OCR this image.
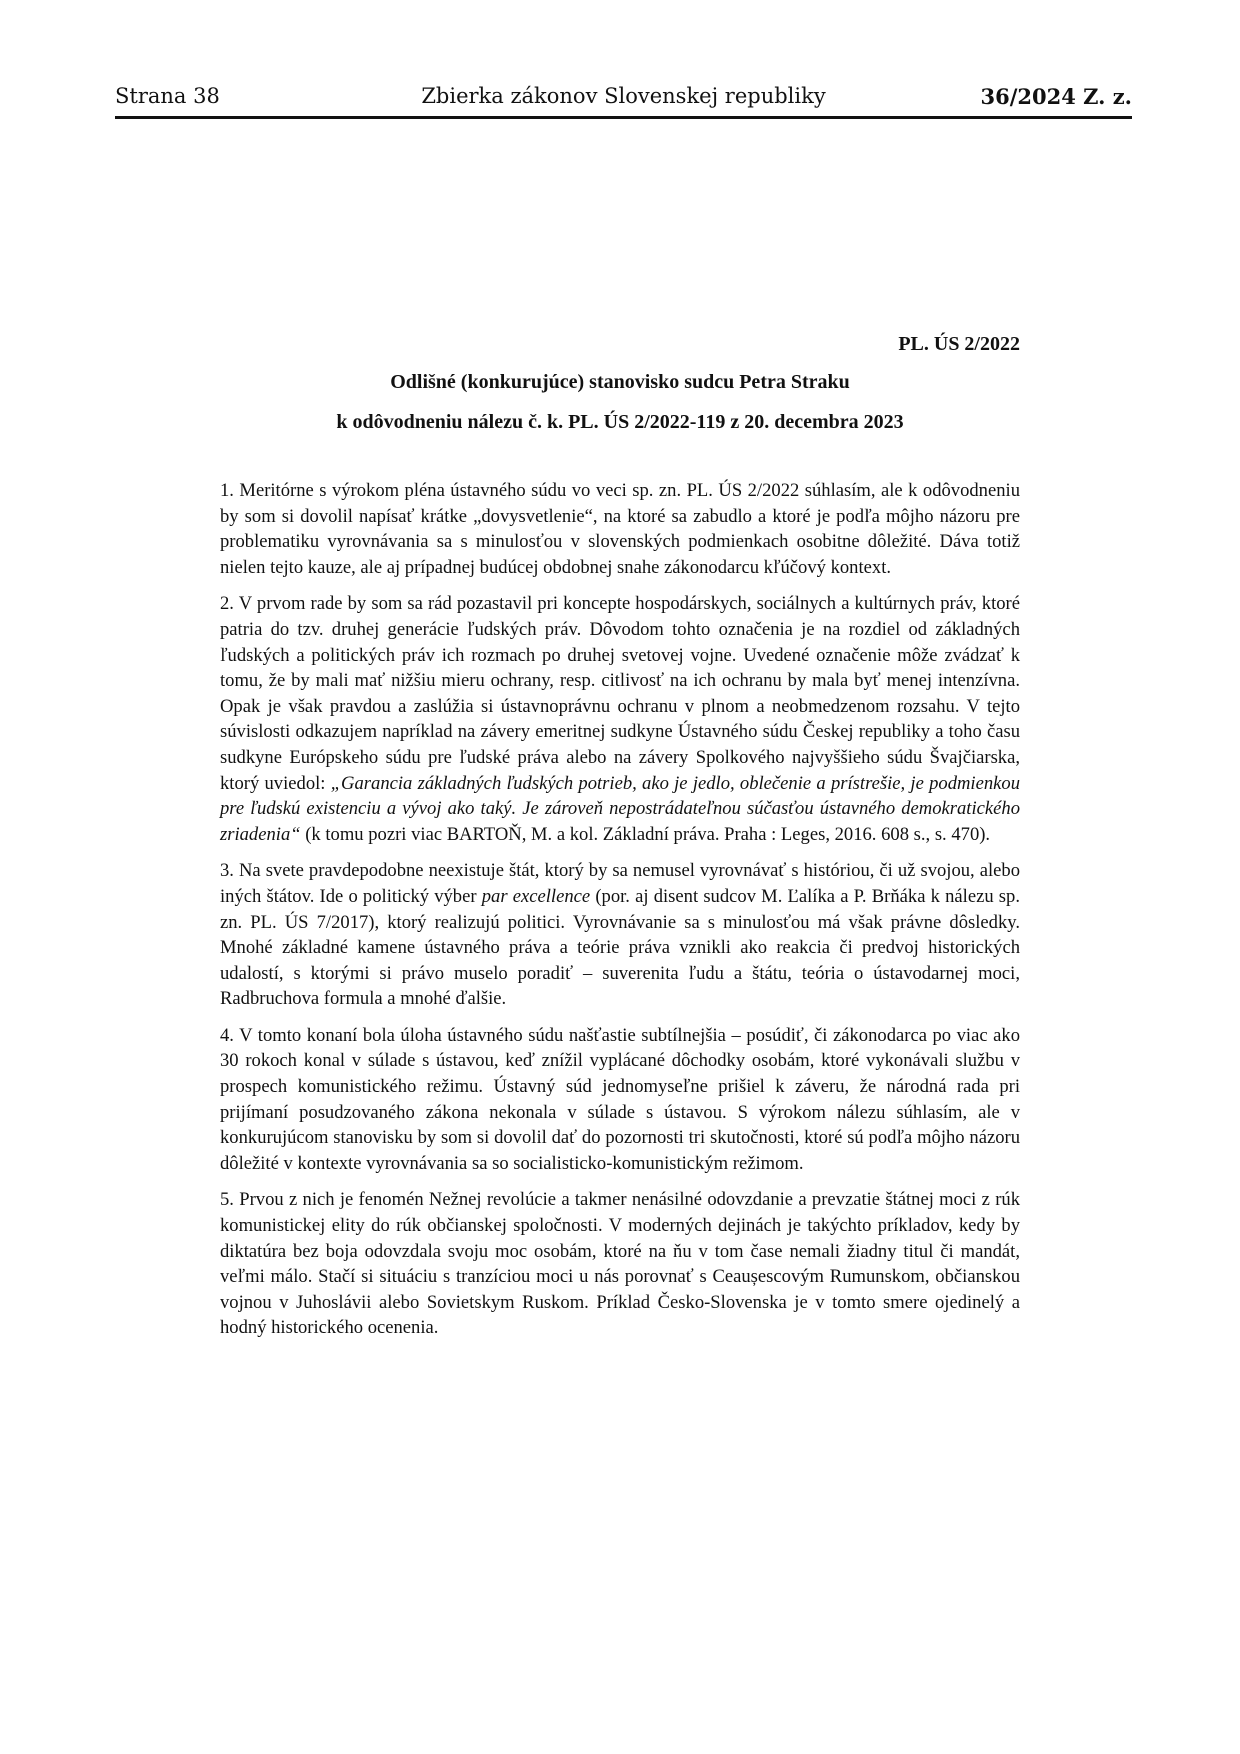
Strana 38	Zbierka zákonov Slovenskej republiky	36/2024 Z. z.
PL. ÚS 2/2022
Odlišné (konkurujúce) stanovisko sudcu Petra Straku
k odôvodneniu nálezu č. k. PL. ÚS 2/2022-119 z 20. decembra 2023

1. Meritórne s výrokom pléna ústavného súdu vo veci sp. zn. PL. ÚS 2/2022 súhlasím, ale k odôvodneniu by som si dovolil napísať krátke „dovysvetlenie“, na ktoré sa zabudlo a ktoré je podľa môjho názoru pre problematiku vyrovnávania sa s minulosťou v slovenských podmienkach osobitne dôležité. Dáva totiž nielen tejto kauze, ale aj prípadnej budúcej obdobnej snahe zákonodarcu kľúčový kontext.

2. V prvom rade by som sa rád pozastavil pri koncepte hospodárskych, sociálnych a kultúrnych práv, ktoré patria do tzv. druhej generácie ľudských práv. Dôvodom tohto označenia je na rozdiel od základných ľudských a politických práv ich rozmach po druhej svetovej vojne. Uvedené označenie môže zvádzať k tomu, že by mali mať nižšiu mieru ochrany, resp. citlivosť na ich ochranu by mala byť menej intenzívna. Opak je však pravdou a zaslúžia si ústavnoprávnu ochranu v plnom a neobmedzenom rozsahu. V tejto súvislosti odkazujem napríklad na závery emeritnej sudkyne Ústavného súdu Českej republiky a toho času sudkyne Európskeho súdu pre ľudské práva alebo na závery Spolkového najvyššieho súdu Švajčiarska, ktorý uviedol: „Garancia základných ľudských potrieb, ako je jedlo, oblečenie a prístrešie, je podmienkou pre ľudskú existenciu a vývoj ako taký. Je zároveň nepostrádateľnou súčasťou ústavného demokratického zriadenia“ (k tomu pozri viac BARTOŇ, M. a kol. Základní práva. Praha : Leges, 2016. 608 s., s. 470).

3. Na svete pravdepodobne neexistuje štát, ktorý by sa nemusel vyrovnávať s históriou, či už svojou, alebo iných štátov. Ide o politický výber par excellence (por. aj disent sudcov M. Ľalíka a P. Brňáka k nálezu sp. zn. PL. ÚS 7/2017), ktorý realizujú politici. Vyrovnávanie sa s minulosťou má však právne dôsledky. Mnohé základné kamene ústavného práva a teórie práva vznikli ako reakcia či predvoj historických udalostí, s ktorými si právo muselo poradiť – suverenita ľudu a štátu, teória o ústavodarnej moci, Radbruchova formula a mnohé ďalšie.

4. V tomto konaní bola úloha ústavného súdu našťastie subtílnejšia – posúdiť, či zákonodarca po viac ako 30 rokoch konal v súlade s ústavou, keď znížil vyplácané dôchodky osobám, ktoré vykonávali službu v prospech komunistického režimu. Ústavný súd jednomyseľne prišiel k záveru, že národná rada pri prijímaní posudzovaného zákona nekonala v súlade s ústavou. S výrokom nálezu súhlasím, ale v konkurujúcom stanovisku by som si dovolil dať do pozornosti tri skutočnosti, ktoré sú podľa môjho názoru dôležité v kontexte vyrovnávania sa so socialisticko-komunistickým režimom.

5. Prvou z nich je fenomén Nežnej revolúcie a takmer nenásilné odovzdanie a prevzatie štátnej moci z rúk komunistickej elity do rúk občianskej spoločnosti. V moderných dejinách je takýchto príkladov, kedy by diktatúra bez boja odovzdala svoju moc osobám, ktoré na ňu v tom čase nemali žiadny titul či mandát, veľmi málo. Stačí si situáciu s tranzíciou moci u nás porovnať s Ceaușescovým Rumunskom, občianskou vojnou v Juhoslávii alebo Sovietskym Ruskom. Príklad Česko-Slovenska je v tomto smere ojedinelý a hodný historického ocenenia.
